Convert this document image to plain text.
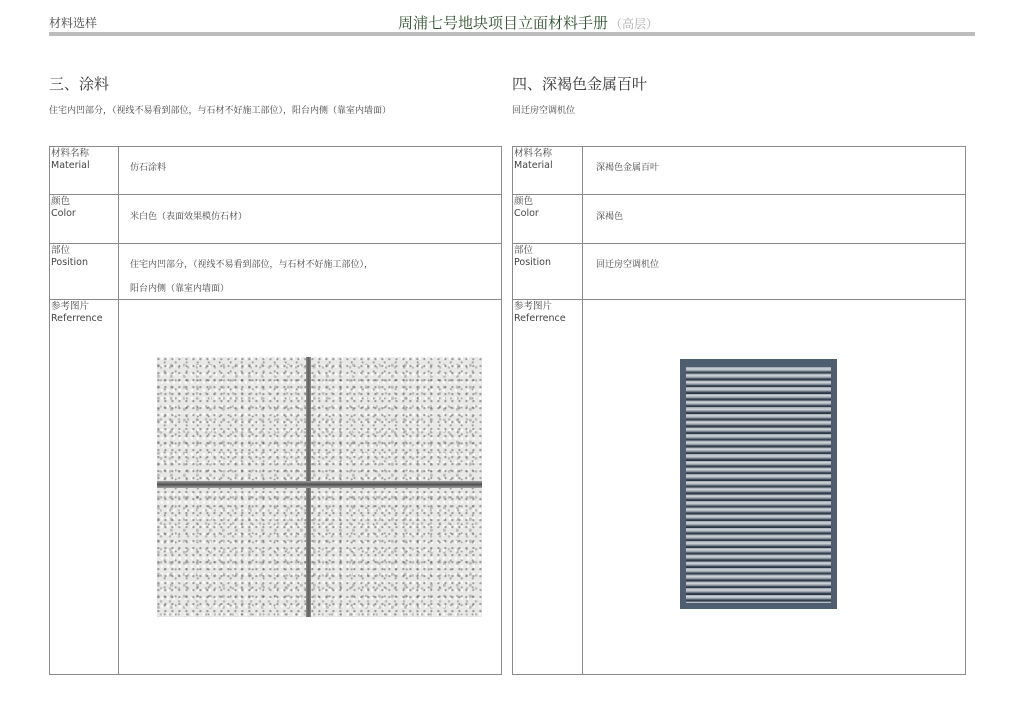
材料选样	周浦七号地块项目立面材料手册 （高层）
三、涂料
住宅内凹部分，（视线不易看到部位，与石材不好施工部位），阳台内侧（靠室内墙面）
材料名称
Material	仿石涂料
颜色
Color	米白色（表面效果模仿石材）
部位
Position	住宅内凹部分，（视线不易看到部位，与石材不好施工部位），
阳台内侧（靠室内墙面）
参考图片
Referrence
四、深褐色金属百叶
回迁房空调机位
材料名称
Material	深褐色金属百叶
颜色
Color	深褐色
部位
Position	回迁房空调机位
参考图片
Referrence
